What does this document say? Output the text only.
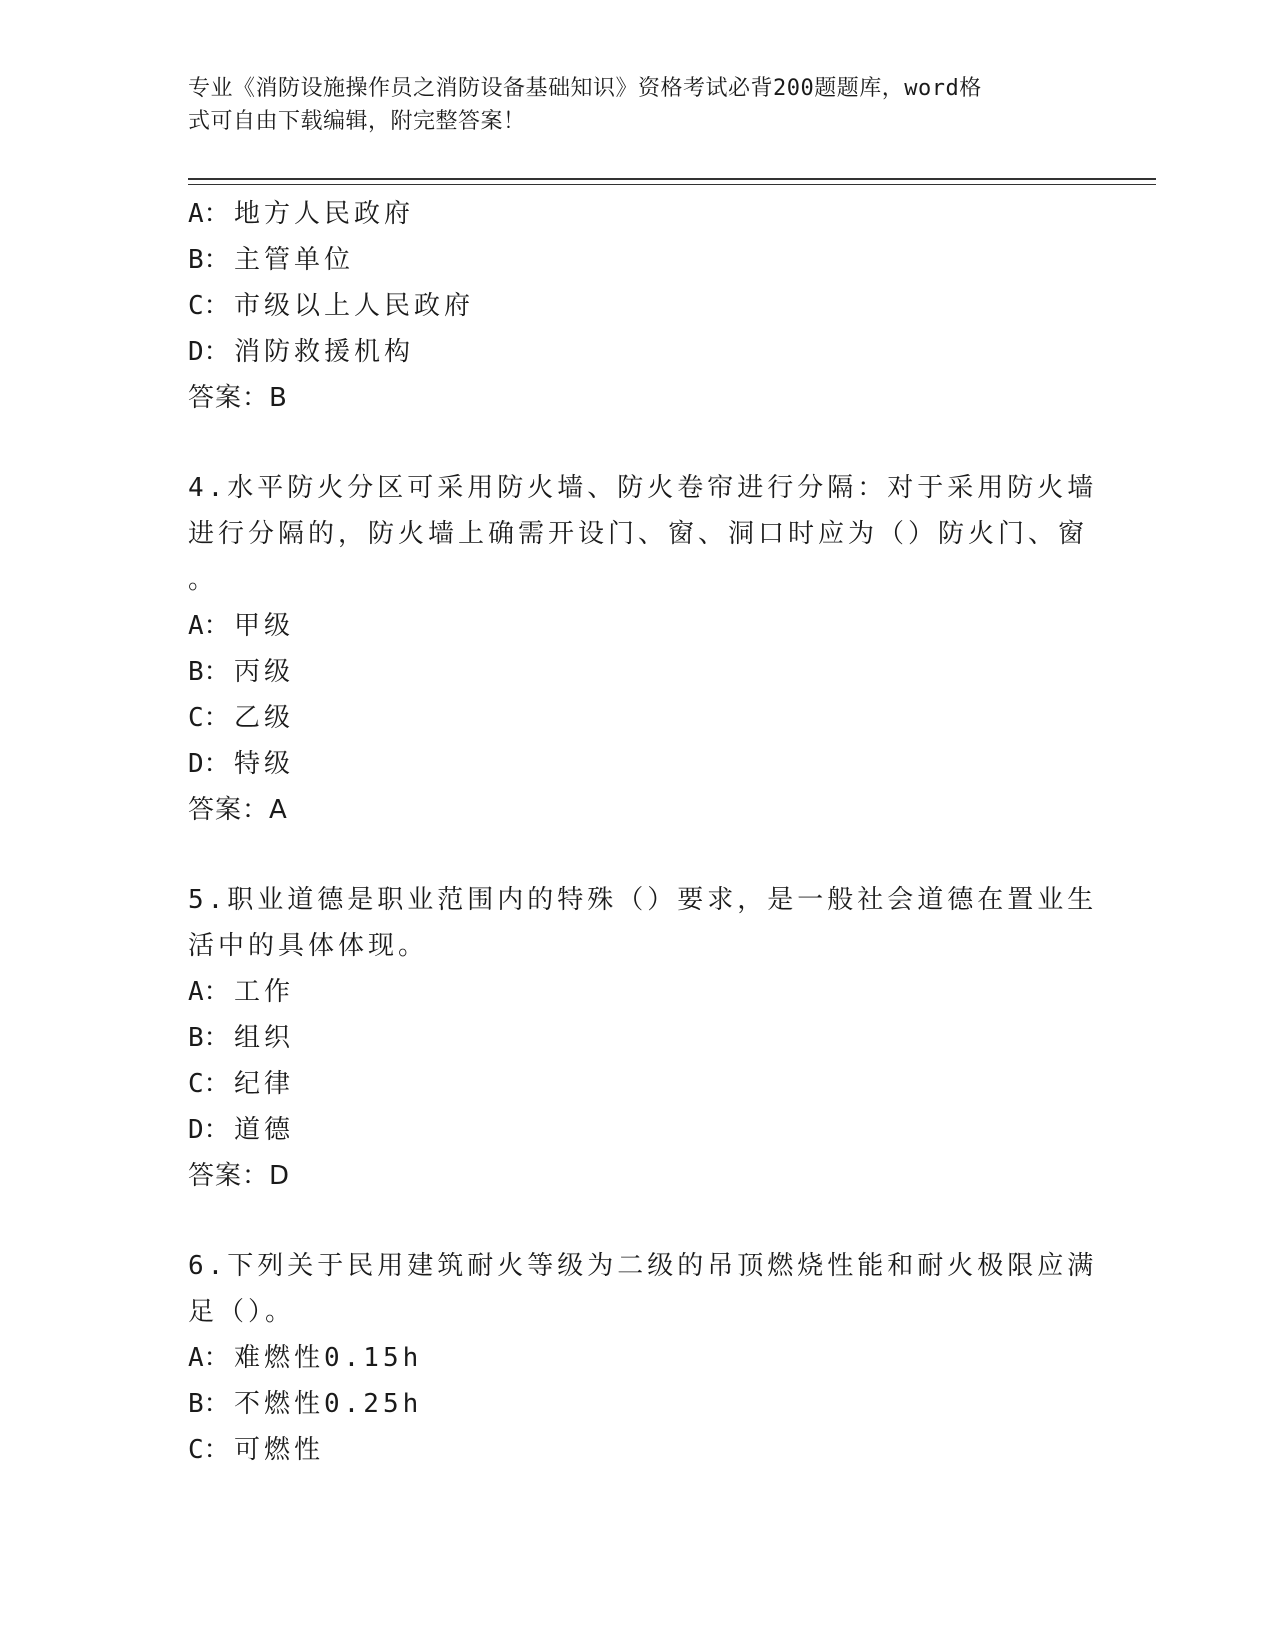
专业《消防设施操作员之消防设备基础知识》资格考试必背200题题库，word格
式可自由下载编辑，附完整答案！
A： 地方人民政府
B： 主管单位
C： 市级以上人民政府
D： 消防救援机构
答案：B
4.水平防火分区可采用防火墙、防火卷帘进行分隔：对于采用防火墙
进行分隔的，防火墙上确需开设门、窗、洞口时应为（）防火门、窗
。
A： 甲级
B： 丙级
C： 乙级
D： 特级
答案：A
5.职业道德是职业范围内的特殊（）要求，是一般社会道德在置业生
活中的具体体现。
A： 工作
B： 组织
C： 纪律
D： 道德
答案：D
6.下列关于民用建筑耐火等级为二级的吊顶燃烧性能和耐火极限应满
足（）。
A： 难燃性0.15h
B： 不燃性0.25h
C： 可燃性
